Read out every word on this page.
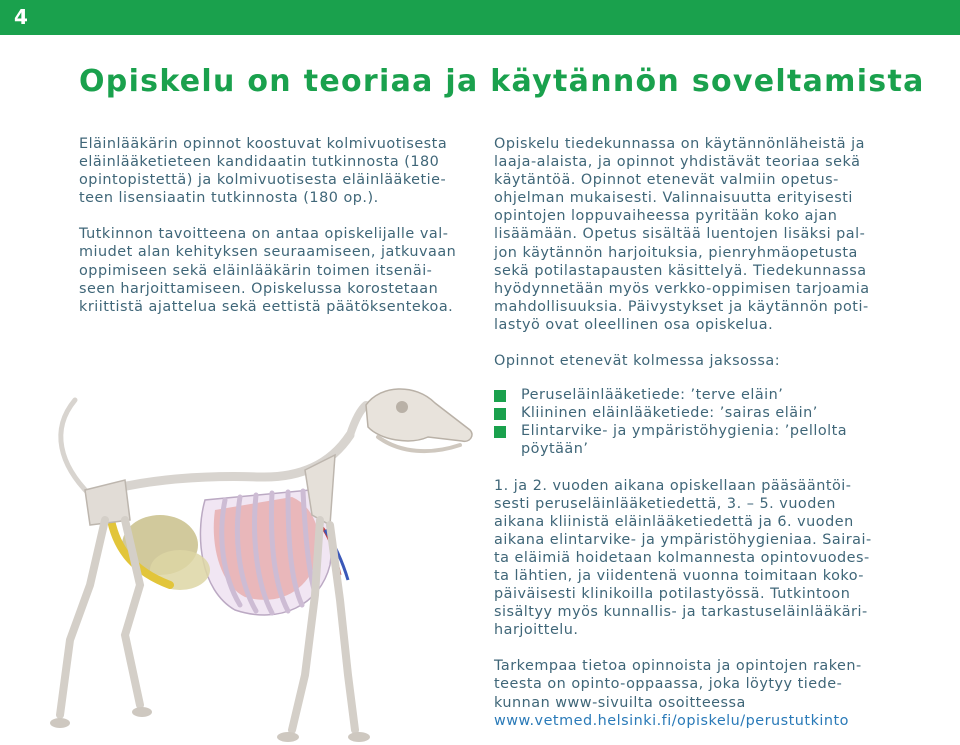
4
Opiskelu on teoriaa ja käytännön soveltamista

Eläinlääkärin opinnot koostuvat kolmivuotisesta
eläinlääketieteen kandidaatin tutkinnosta (180
opintopistettä) ja kolmivuotisesta eläinlääketie-
teen lisensiaatin tutkinnosta (180 op.).

Tutkinnon tavoitteena on antaa opiskelijalle val-
miudet alan kehityksen seuraamiseen, jatkuvaan
oppimiseen sekä eläinlääkärin toimen itsenäi-
seen harjoittamiseen. Opiskelussa korostetaan
kriittistä ajattelua sekä eettistä päätöksentekoa.

Opiskelu tiedekunnassa on käytännönläheistä ja
laaja-alaista, ja opinnot yhdistävät teoriaa sekä
käytäntöä. Opinnot etenevät valmiin opetus-
ohjelman mukaisesti. Valinnaisuutta erityisesti
opintojen loppuvaiheessa pyritään koko ajan
lisäämään. Opetus sisältää luentojen lisäksi pal-
jon käytännön harjoituksia, pienryhmäopetusta
sekä potilastapausten käsittelyä. Tiedekunnassa
hyödynnetään myös verkko-oppimisen tarjoamia
mahdollisuuksia. Päivystykset ja käytännön poti-
lastyö ovat oleellinen osa opiskelua.

Opinnot etenevät kolmessa jaksossa:

Peruseläinlääketiede: ’terve eläin’
Kliininen eläinlääketiede: ’sairas eläin’
Elintarvike- ja ympäristöhygienia: ’pellolta
pöytään’

1. ja 2. vuoden aikana opiskellaan pääsääntöi-
sesti peruseläinlääketiedettä, 3. – 5. vuoden
aikana kliinistä eläinlääketiedettä ja 6. vuoden
aikana elintarvike- ja ympäristöhygieniaa. Sairai-
ta eläimiä hoidetaan kolmannesta opintovuodes-
ta lähtien, ja viidentenä vuonna toimitaan koko-
päiväisesti klinikoilla potilastyössä. Tutkintoon
sisältyy myös kunnallis- ja tarkastuseläinlääkäri-
harjoittelu.

Tarkempaa tietoa opinnoista ja opintojen raken-
teesta on opinto-oppaassa, joka löytyy tiede-
kunnan www-sivuilta osoitteessa
www.vetmed.helsinki.fi/opiskelu/perustutkinto
